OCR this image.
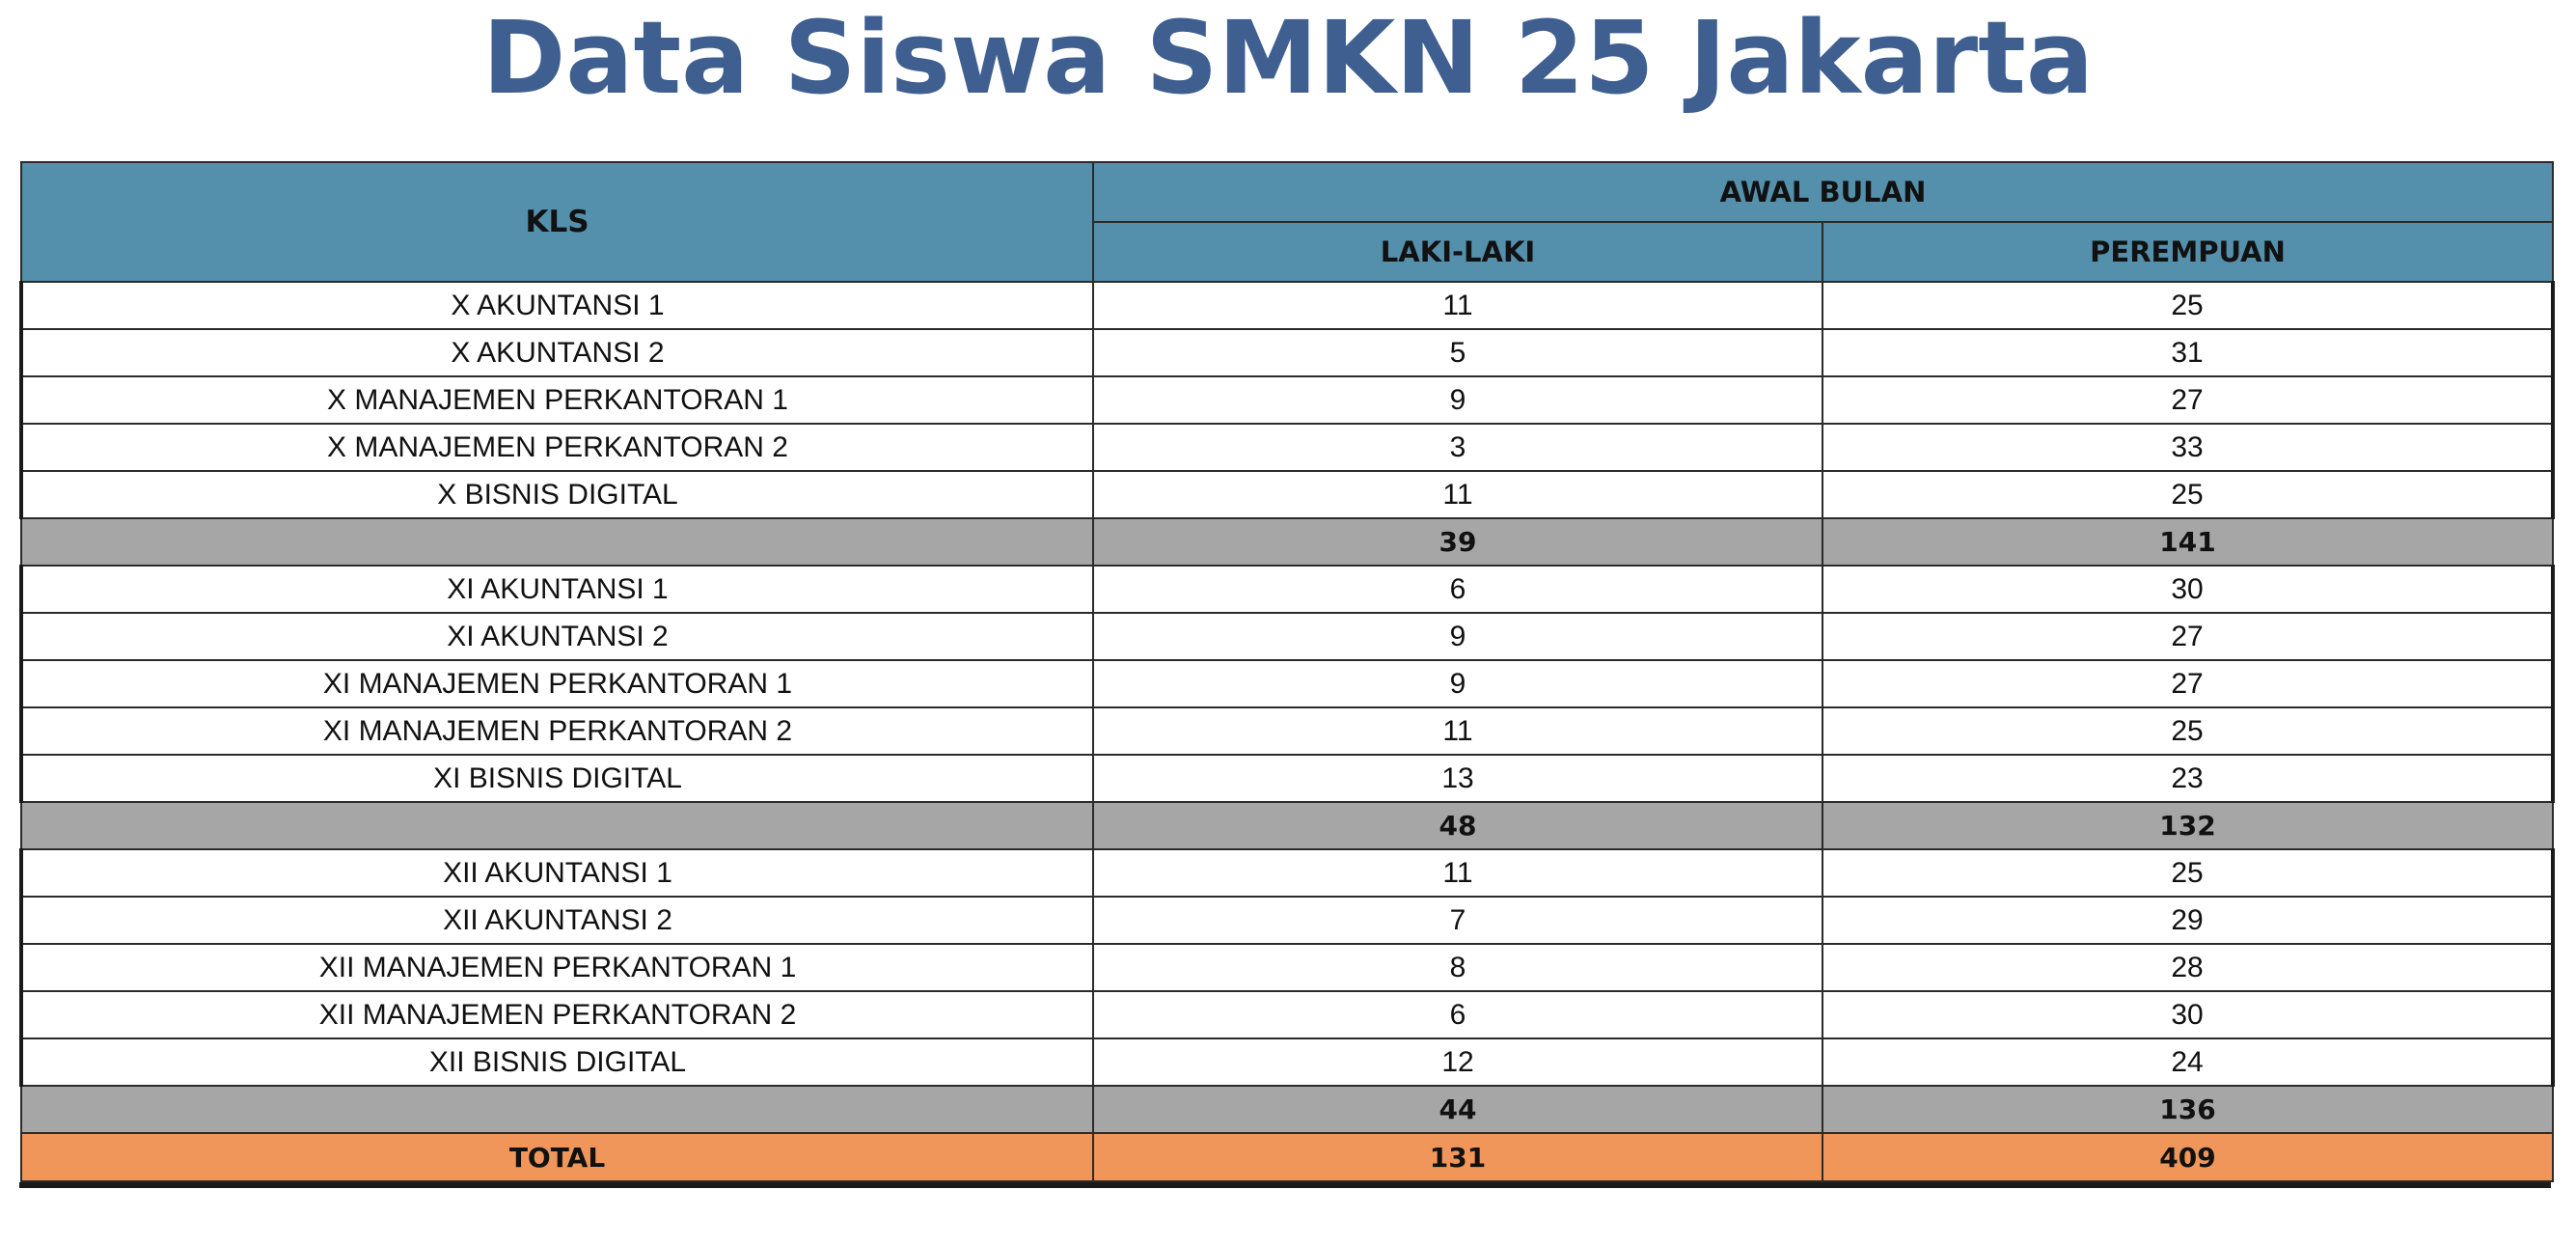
Data Siswa SMKN 25 Jakarta
KLS	AWAL BULAN	
	LAKI-LAKI	PEREMPUAN
X AKUNTANSI 1	11	25
X AKUNTANSI 2	5	31
X MANAJEMEN PERKANTORAN 1	9	27
X MANAJEMEN PERKANTORAN 2	3	33
X BISNIS DIGITAL	11	25
	39	141
XI AKUNTANSI 1	6	30
XI AKUNTANSI 2	9	27
XI MANAJEMEN PERKANTORAN 1	9	27
XI MANAJEMEN PERKANTORAN 2	11	25
XI BISNIS DIGITAL	13	23
	48	132
XII AKUNTANSI 1	11	25
XII AKUNTANSI 2	7	29
XII MANAJEMEN PERKANTORAN 1	8	28
XII MANAJEMEN PERKANTORAN 2	6	30
XII BISNIS DIGITAL	12	24
	44	136
TOTAL	131	409
